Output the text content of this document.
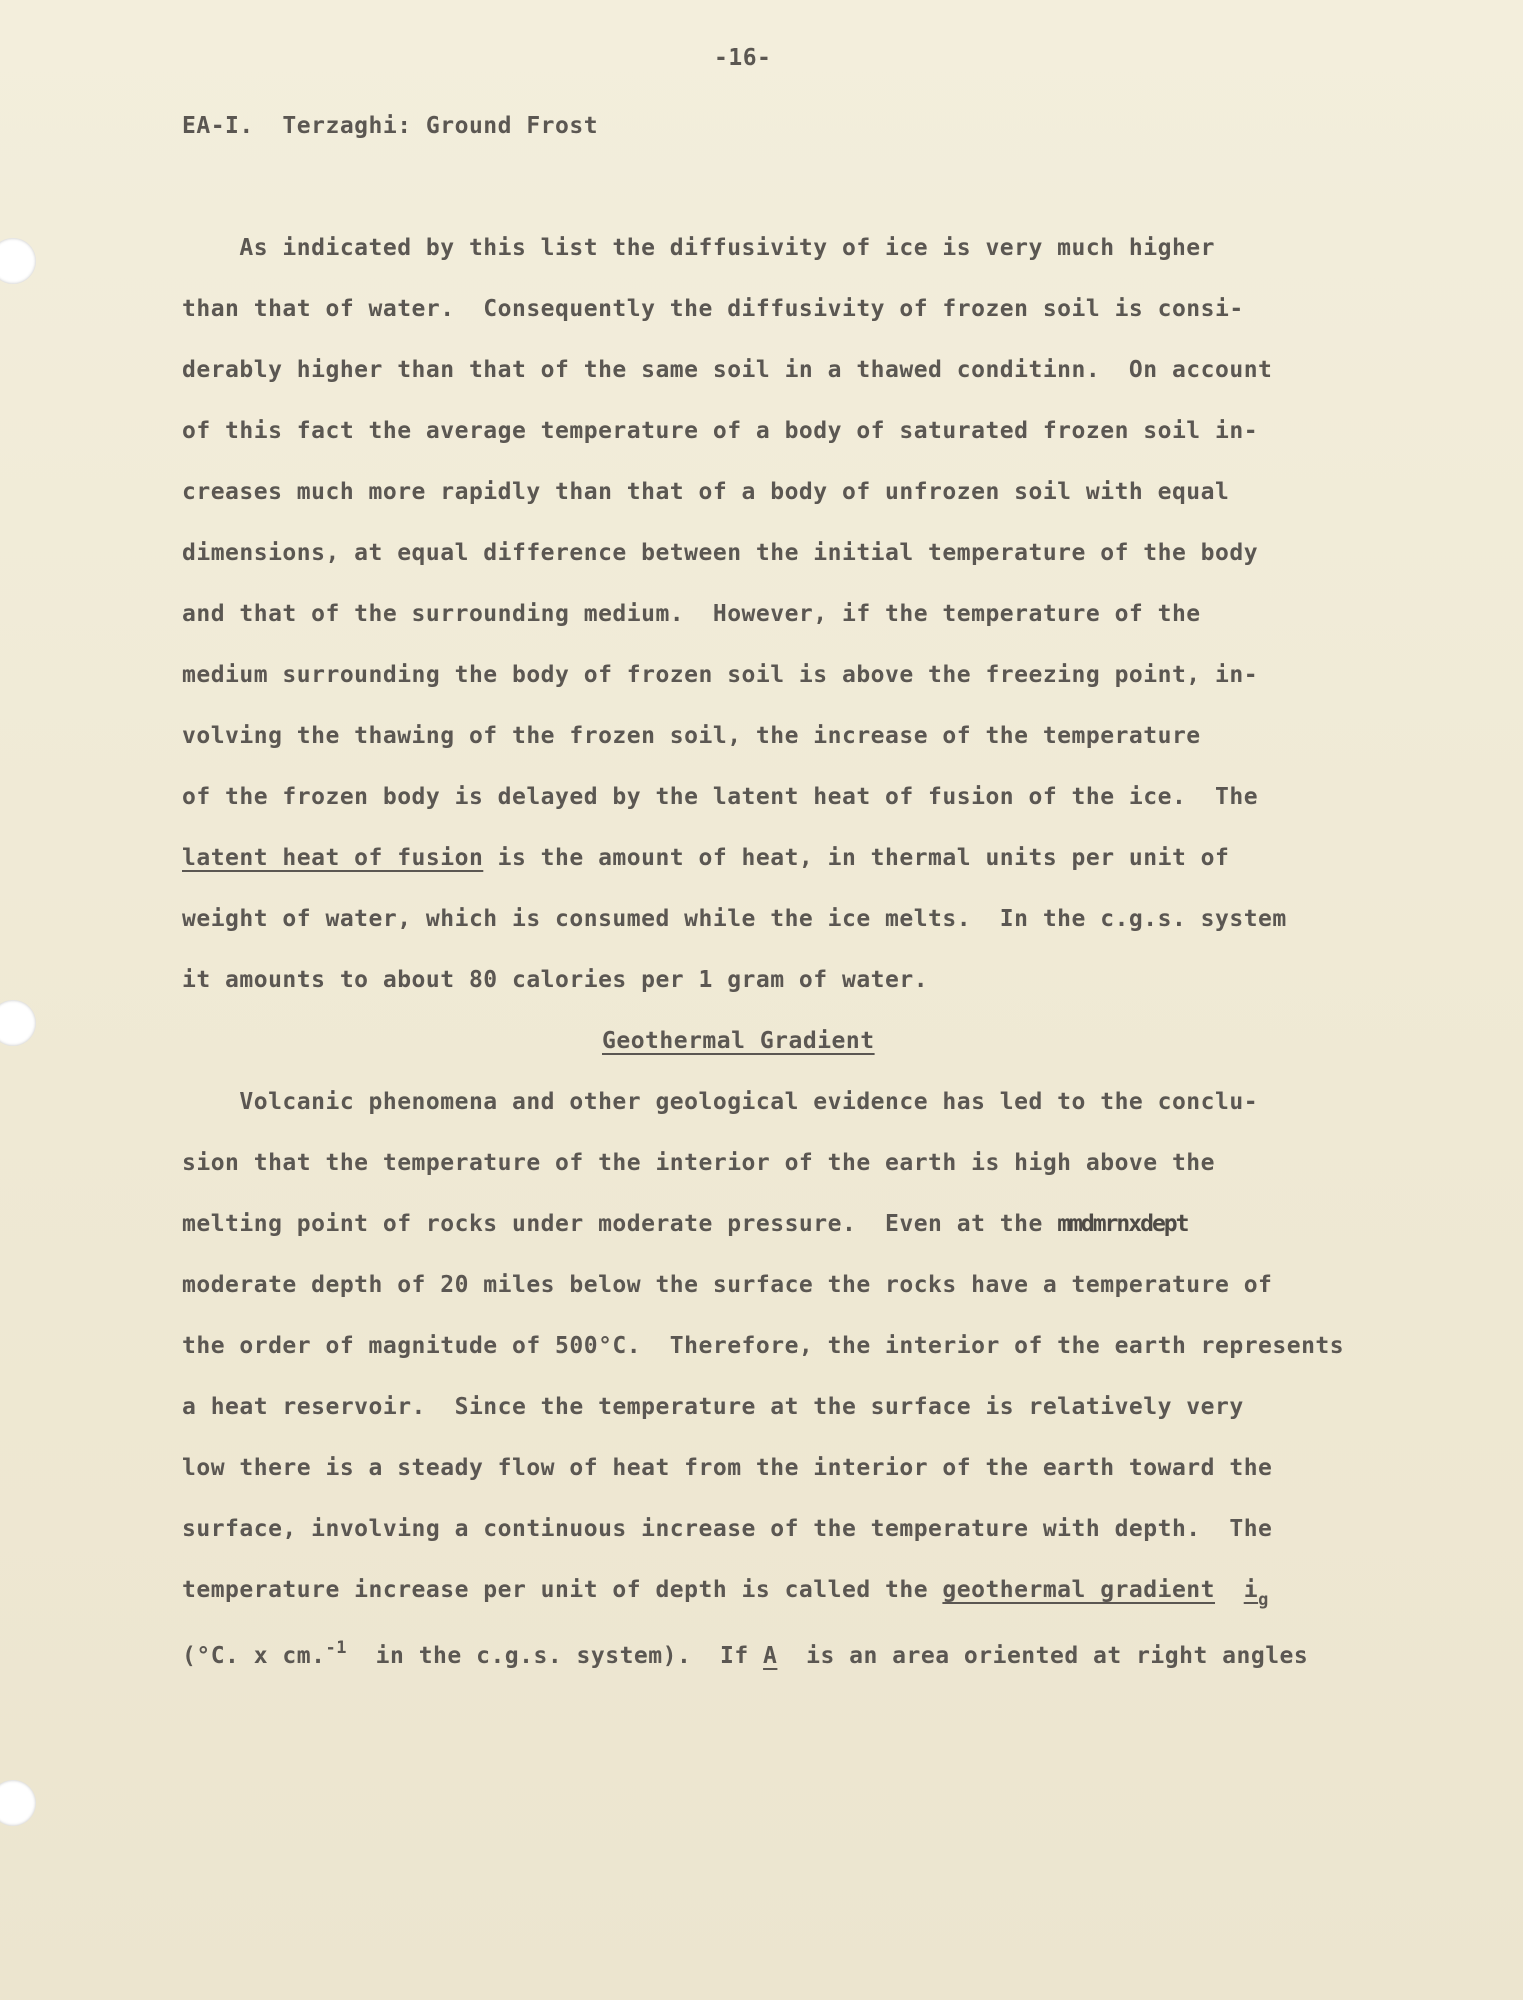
-16-

EA-I.  Terzaghi: Ground Frost

As indicated by this list the diffusivity of ice is very much higher

than that of water.  Consequently the diffusivity of frozen soil is consi-

derably higher than that of the same soil in a thawed conditinn.  On account

of this fact the average temperature of a body of saturated frozen soil in-

creases much more rapidly than that of a body of unfrozen soil with equal

dimensions, at equal difference between the initial temperature of the body

and that of the surrounding medium.  However, if the temperature of the

medium surrounding the body of frozen soil is above the freezing point, in-

volving the thawing of the frozen soil, the increase of the temperature

of the frozen body is delayed by the latent heat of fusion of the ice.  The

latent heat of fusion is the amount of heat, in thermal units per unit of

weight of water, which is consumed while the ice melts.  In the c.g.s. system

it amounts to about 80 calories per 1 gram of water.

Geothermal Gradient

Volcanic phenomena and other geological evidence has led to the conclu-

sion that the temperature of the interior of the earth is high above the

melting point of rocks under moderate pressure.  Even at the mmdmrnxdept

moderate depth of 20 miles below the surface the rocks have a temperature of

the order of magnitude of 500°C.  Therefore, the interior of the earth represents

a heat reservoir.  Since the temperature at the surface is relatively very

low there is a steady flow of heat from the interior of the earth toward the

surface, involving a continuous increase of the temperature with depth.  The

temperature increase per unit of depth is called the geothermal gradient $i_g$

(°C. x cm.$^{-1}$  in the c.g.s. system).  If A  is an area oriented at right angles
